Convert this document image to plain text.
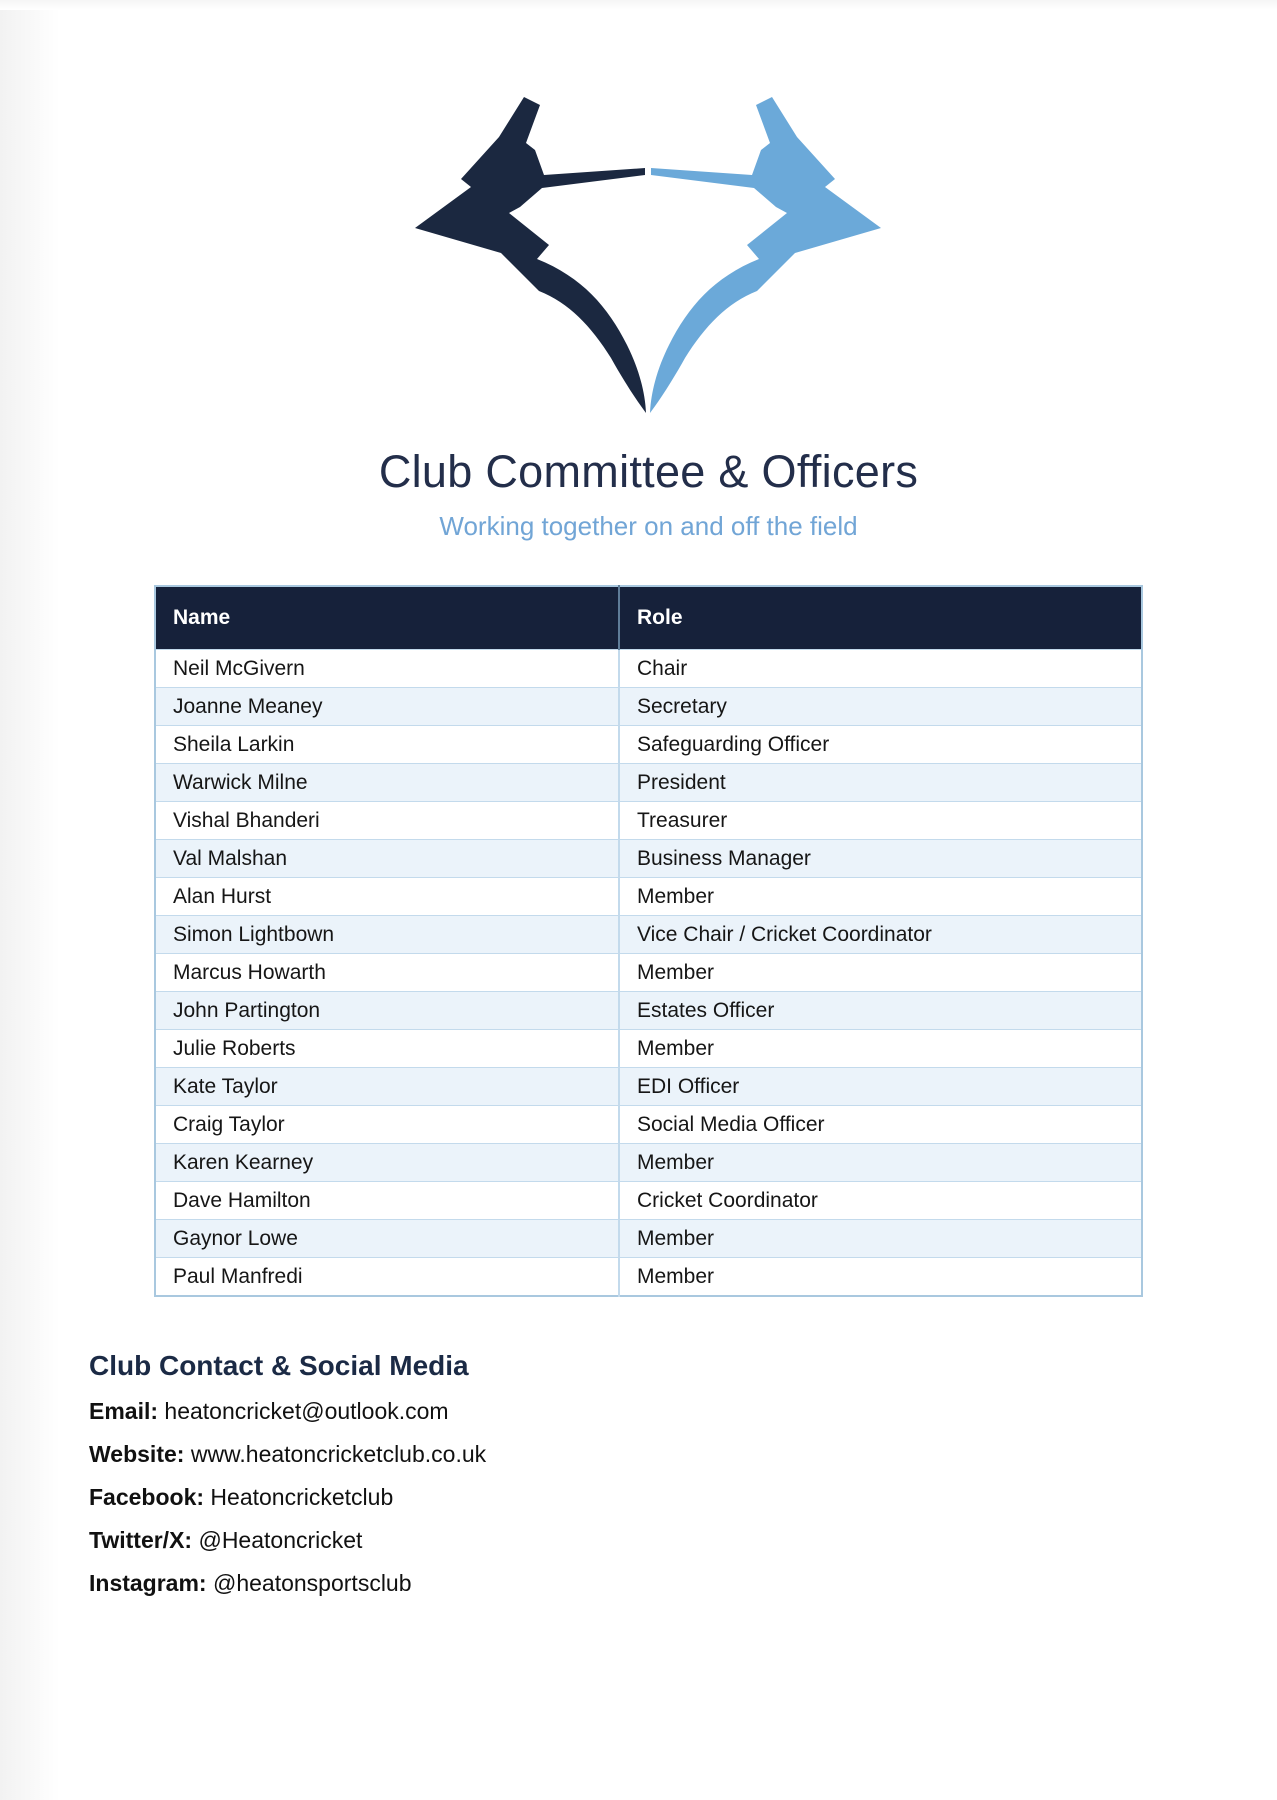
Club Committee & Officers
Working together on and off the field
Name	Role
Neil McGivern	Chair
Joanne Meaney	Secretary
Sheila Larkin	Safeguarding Officer
Warwick Milne	President
Vishal Bhanderi	Treasurer
Val Malshan	Business Manager
Alan Hurst	Member
Simon Lightbown	Vice Chair / Cricket Coordinator
Marcus Howarth	Member
John Partington	Estates Officer
Julie Roberts	Member
Kate Taylor	EDI Officer
Craig Taylor	Social Media Officer
Karen Kearney	Member
Dave Hamilton	Cricket Coordinator
Gaynor Lowe	Member
Paul Manfredi	Member
Club Contact & Social Media
Email: heatoncricket@outlook.com
Website: www.heatoncricketclub.co.uk
Facebook: Heatoncricketclub
Twitter/X: @Heatoncricket
Instagram: @heatonsportsclub
